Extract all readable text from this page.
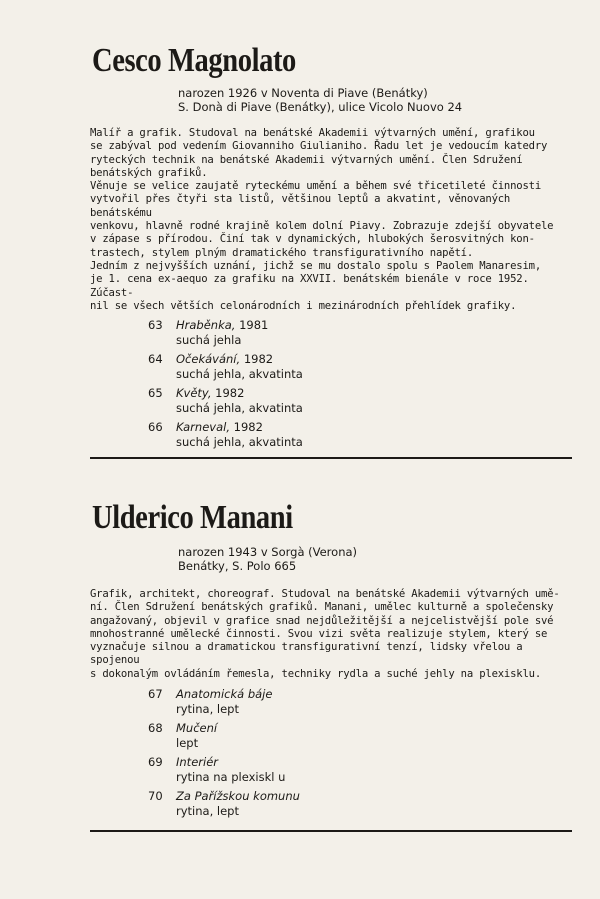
Cesco Magnolato
narozen 1926 v Noventa di Piave (Benátky)
S. Donà di Piave (Benátky), ulice Vicolo Nuovo 24

Malíř a grafik. Studoval na benátské Akademii výtvarných umění, grafikou
se zabýval pod vedením Giovanniho Giulianiho. Řadu let je vedoucím katedry
ryteckých technik na benátské Akademii výtvarných umění. Člen Sdružení
benátských grafiků.

Věnuje se velice zaujatě ryteckému umění a během své třicetileté činnosti
vytvořil přes čtyři sta listů, většinou leptů a akvatint, věnovaných benátskému
venkovu, hlavně rodné krajině kolem dolní Piavy. Zobrazuje zdejší obyvatele
v zápase s přírodou. Činí tak v dynamických, hlubokých šerosvitných kon-
trastech, stylem plným dramatického transfigurativního napětí.

Jedním z nejvyšších uznání, jichž se mu dostalo spolu s Paolem Manaresim,
je 1. cena ex-aequo za grafiku na XXVII. benátském bienále v roce 1952. Zúčast-
nil se všech větších celonárodních i mezinárodních přehlídek grafiky.

63	Hraběnka, 1981
suchá jehla
64	Očekávání, 1982
suchá jehla, akvatinta
65	Květy, 1982
suchá jehla, akvatinta
66	Karneval, 1982
suchá jehla, akvatinta
Ulderico Manani
narozen 1943 v Sorgà (Verona)
Benátky, S. Polo 665

Grafik, architekt, choreograf. Studoval na benátské Akademii výtvarných umě-
ní. Člen Sdružení benátských grafiků. Manani, umělec kulturně a společensky
angažovaný, objevil v grafice snad nejdůležitější a nejcelistvější pole své
mnohostranné umělecké činnosti. Svou vizi světa realizuje stylem, který se
vyznačuje silnou a dramatickou transfigurativní tenzí, lidsky vřelou a spojenou
s dokonalým ovládáním řemesla, techniky rydla a suché jehly na plexisklu.

67	Anatomická báje
rytina, lept
68	Mučení
lept
69	Interiér
rytina na plexiskl u
70	Za Pařížskou komunu
rytina, lept
